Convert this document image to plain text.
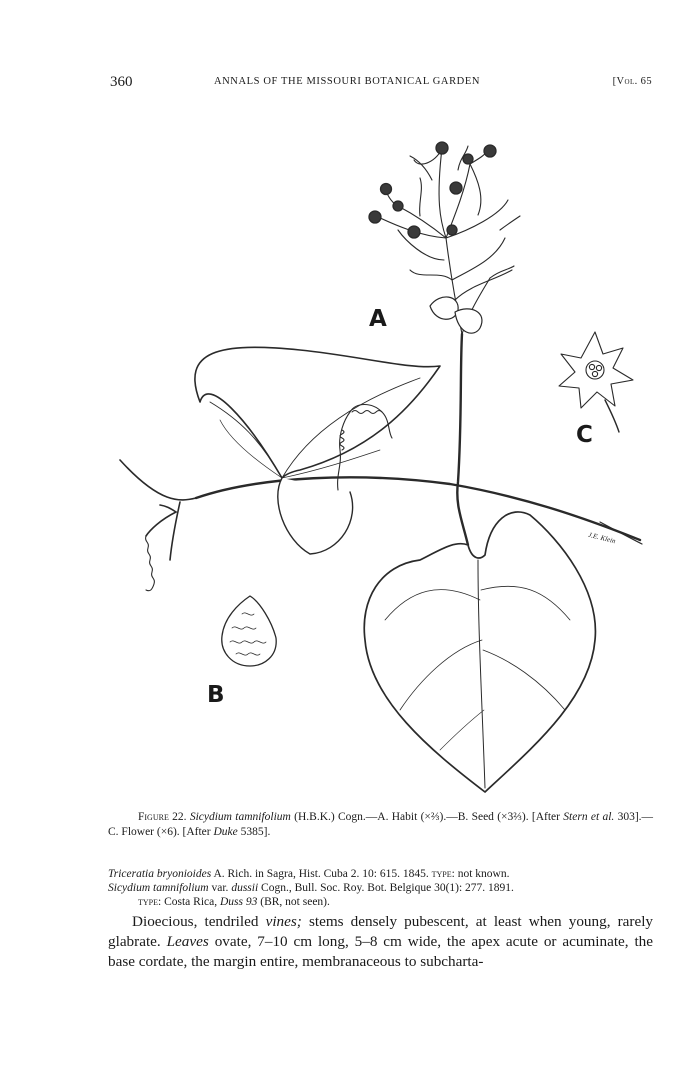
360	ANNALS OF THE MISSOURI BOTANICAL GARDEN	[Vol. 65
A
B
C
J.E. Klein
Figure 22. Sicydium tamnifolium (H.B.K.) Cogn.—A. Habit (×⅔).—B. Seed (×3⅔). [After Stern et al. 303].—C. Flower (×6). [After Duke 5385].
Triceratia bryonioides A. Rich. in Sagra, Hist. Cuba 2. 10: 615. 1845. type: not known.
Sicydium tamnifolium var. dussii Cogn., Bull. Soc. Roy. Bot. Belgique 30(1): 277. 1891.
type: Costa Rica, Duss 93 (BR, not seen).
Dioecious, tendriled vines; stems densely pubescent, at least when young, rarely glabrate. Leaves ovate, 7–10 cm long, 5–8 cm wide, the apex acute or acuminate, the base cordate, the margin entire, membranaceous to subcharta-
